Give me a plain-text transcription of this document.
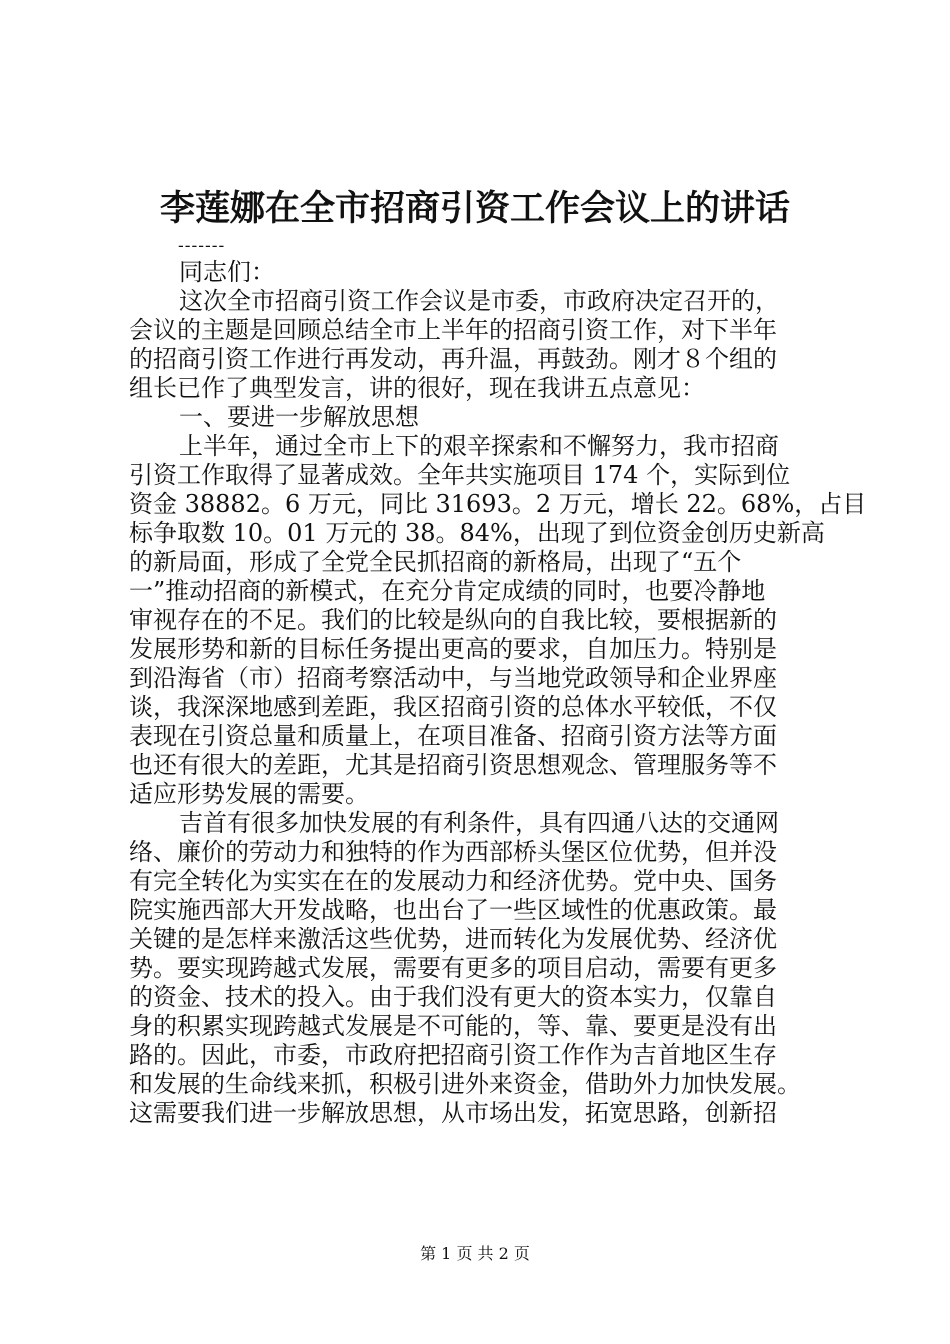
李莲娜在全市招商引资工作会议上的讲话
-------
同志们：
这次全市招商引资工作会议是市委，市政府决定召开的，
会议的主题是回顾总结全市上半年的招商引资工作，对下半年
的招商引资工作进行再发动，再升温，再鼓劲。刚才８个组的
组长已作了典型发言，讲的很好，现在我讲五点意见：
一、要进一步解放思想
上半年，通过全市上下的艰辛探索和不懈努力，我市招商
引资工作取得了显著成效。全年共实施项目 174 个，实际到位
资金 38882。6 万元，同比 31693。2 万元，增长 22。68%，占目
标争取数 10。01 万元的 38。84%，出现了到位资金创历史新高
的新局面，形成了全党全民抓招商的新格局，出现了“五个
一”推动招商的新模式，在充分肯定成绩的同时，也要冷静地
审视存在的不足。我们的比较是纵向的自我比较，要根据新的
发展形势和新的目标任务提出更高的要求，自加压力。特别是
到沿海省（市）招商考察活动中，与当地党政领导和企业界座
谈，我深深地感到差距，我区招商引资的总体水平较低，不仅
表现在引资总量和质量上，在项目准备、招商引资方法等方面
也还有很大的差距，尤其是招商引资思想观念、管理服务等不
适应形势发展的需要。
吉首有很多加快发展的有利条件，具有四通八达的交通网
络、廉价的劳动力和独特的作为西部桥头堡区位优势，但并没
有完全转化为实实在在的发展动力和经济优势。党中央、国务
院实施西部大开发战略，也出台了一些区域性的优惠政策。最
关键的是怎样来激活这些优势，进而转化为发展优势、经济优
势。要实现跨越式发展，需要有更多的项目启动，需要有更多
的资金、技术的投入。由于我们没有更大的资本实力，仅靠自
身的积累实现跨越式发展是不可能的，等、靠、要更是没有出
路的。因此，市委，市政府把招商引资工作作为吉首地区生存
和发展的生命线来抓，积极引进外来资金，借助外力加快发展。
这需要我们进一步解放思想，从市场出发，拓宽思路，创新招
第 1 页 共 2 页
